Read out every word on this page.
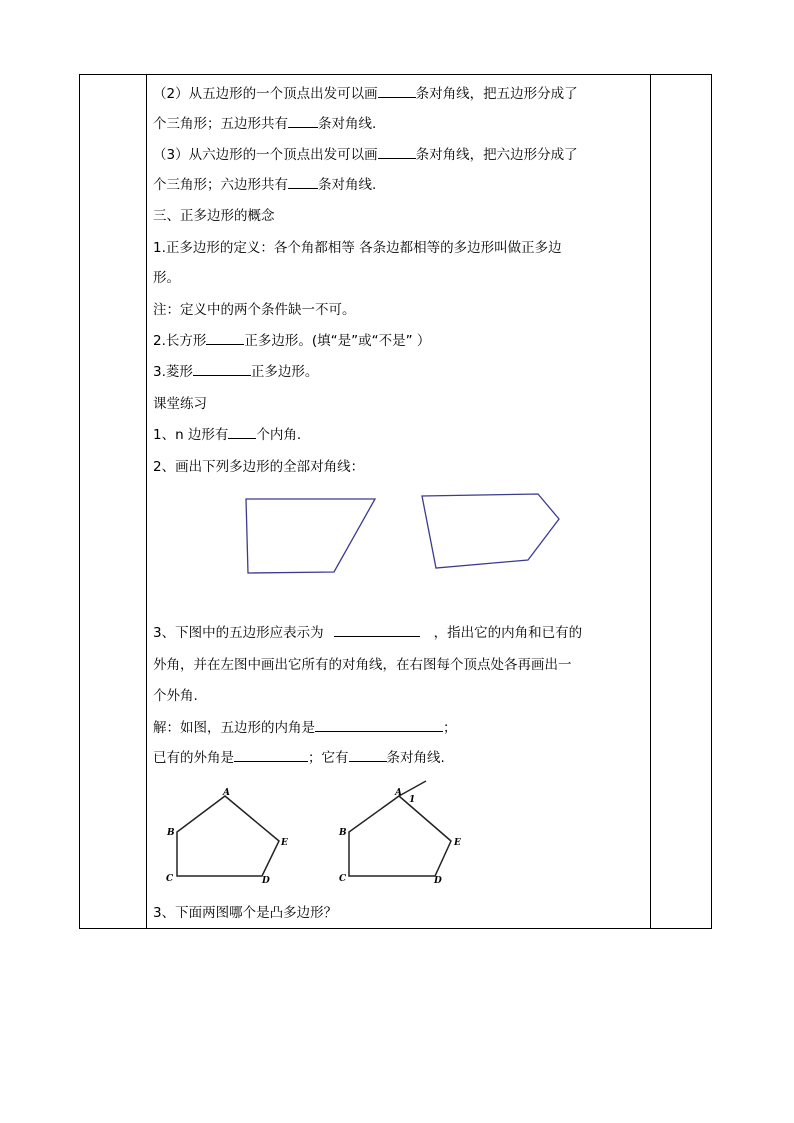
（2）从五边形的一个顶点出发可以画	条对角线，把五边形分成了
个三角形；五边形共有 条对角线.
（3）从六边形的一个顶点出发可以画	条对角线，把六边形分成了
个三角形；六边形共有 条对角线.
三、正多边形的概念
1.正多边形的定义：各个角都相等 各条边都相等的多边形叫做正多边
形。
注：定义中的两个条件缺一不可。
2.长方形	正多边形。(填“是”或“不是” ）
3.菱形	正多边形。
课堂练习
1、n 边形有 个内角.
2、画出下列多边形的全部对角线：
3、下图中的五边形应表示为	，指出它的内角和已有的
外角，并在左图中画出它所有的对角线，在右图每个顶点处各再画出一
个外角.
解：如图，五边形的内角是	；
已有的外角是	；它有	条对角线.
A
B
C	D
E
A
1
B
C	D
E
3、下面两图哪个是凸多边形？
